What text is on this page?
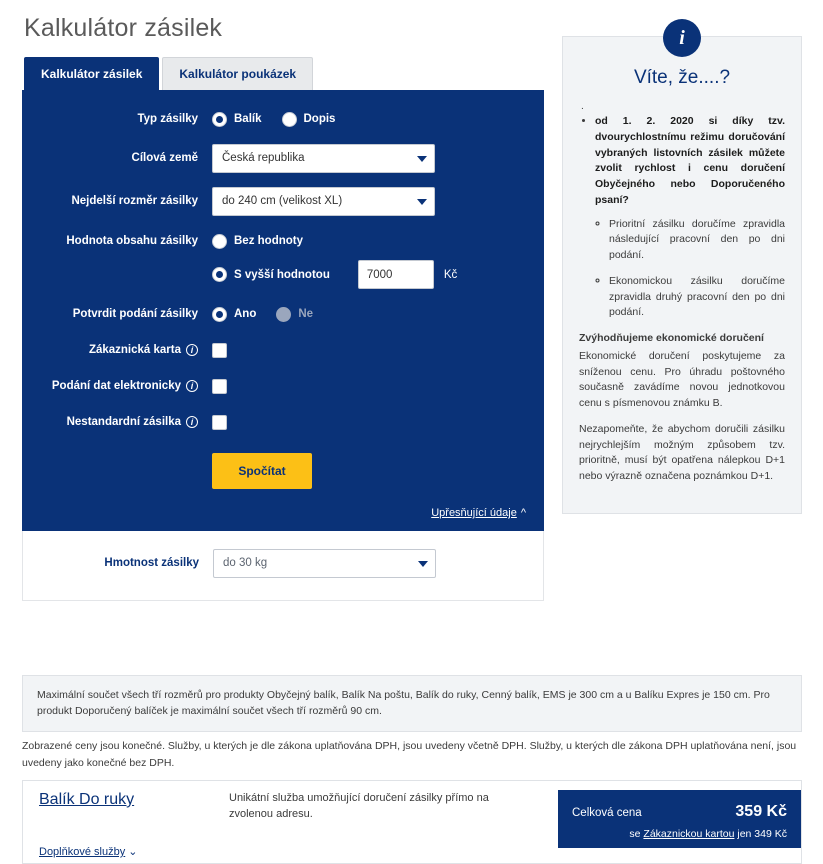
Kalkulátor zásilek
Kalkulátor zásilek	Kalkulátor poukázek
Typ zásilky	Balík	Dopis
Cílová země	Česká republika
Nejdelší rozměr zásilky	do 240 cm (velikost XL)
Hodnota obsahu zásilky	Bez hodnoty
S vyšší hodnotou
7000	Kč
Potvrdit podání zásilky	Ano	Ne
Zákaznická karta i
Podání dat elektronicky i
Nestandardní zásilka i
Spočítat
Upřesňující údaje ^
Hmotnost zásilky	do 30 kg
i
Víte, že....?
.
• od 1. 2. 2020 si díky tzv. dvourychlostnímu režimu doručování vybraných listovních zásilek můžete zvolit rychlost i cenu doručení Obyčejného nebo Doporučeného psaní?
◦ Prioritní zásilku doručíme zpravidla následující pracovní den po dni podání.
◦ Ekonomickou zásilku doručíme zpravidla druhý pracovní den po dni podání.

Zvýhodňujeme ekonomické doručení

Ekonomické doručení poskytujeme za sníženou cenu. Pro úhradu poštovného současně zavádíme novou jednotkovou cenu s písmenovou známku B.

Nezapomeňte, že abychom doručili zásilku nejrychlejším možným způsobem tzv. prioritně, musí být opatřena nálepkou D+1 nebo výrazně označena poznámkou D+1.

Maximální součet všech tří rozměrů pro produkty Obyčejný balík, Balík Na poštu, Balík do ruky, Cenný balík, EMS je 300 cm a u Balíku Expres je 150 cm. Pro produkt Doporučený balíček je maximální součet všech tří rozměrů 90 cm.
Zobrazené ceny jsou konečné. Služby, u kterých je dle zákona uplatňována DPH, jsou uvedeny včetně DPH. Služby, u kterých dle zákona DPH uplatňována není, jsou uvedeny jako konečné bez DPH.
Balík Do ruky	Unikátní služba umožňující doručení zásilky přímo na zvolenou adresu.	Celková cena	359 Kč
se Zákaznickou kartou jen 349 Kč
Doplňkové služby ⌄
